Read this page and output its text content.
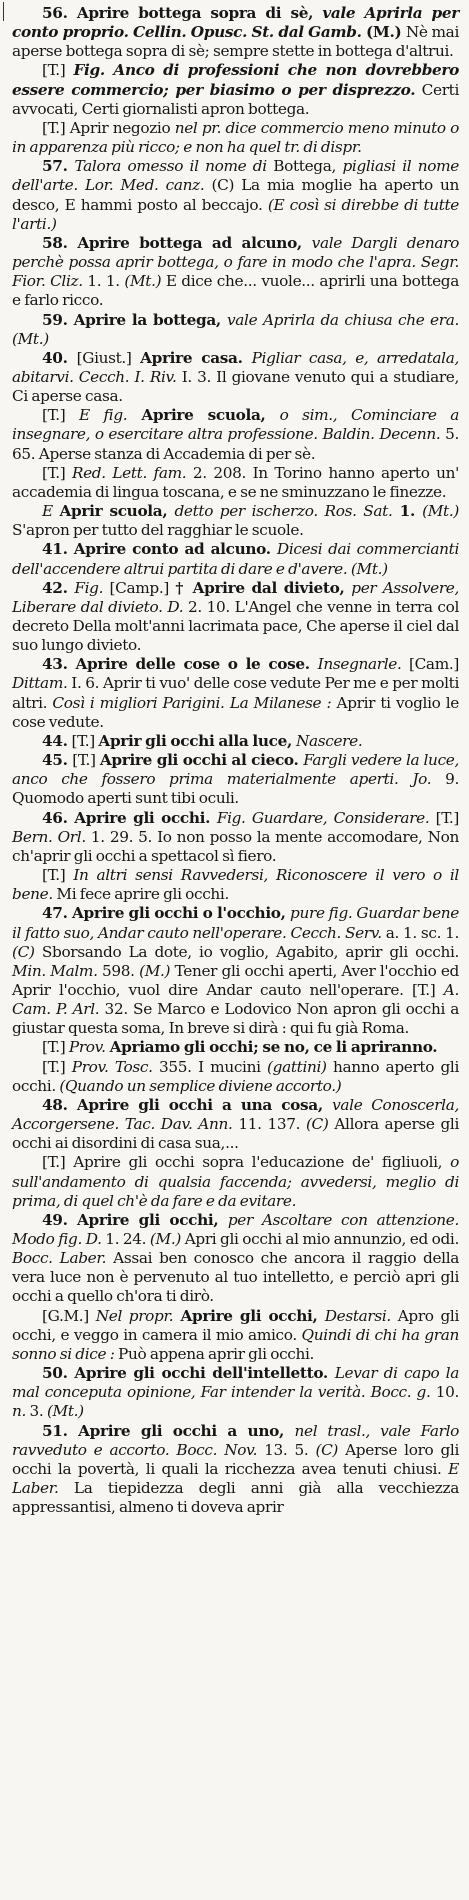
56. Aprire bottega sopra di sè, vale Aprirla per conto proprio. Cellin. Opusc. St. dal Gamb. (M.) Nè mai aperse bottega sopra di sè; sempre stette in bottega d'altrui.

[T.] Fig. Anco di professioni che non dovrebbero essere commercio; per biasimo o per disprezzo. Certi avvocati, Certi giornalisti apron bottega.

[T.] Aprir negozio nel pr. dice commercio meno minuto o in apparenza più ricco; e non ha quel tr. di dispr.

57. Talora omesso il nome di Bottega, pigliasi il nome dell'arte. Lor. Med. canz. (C) La mia moglie ha aperto un desco, E hammi posto al beccajo. (E così si direbbe di tutte l'arti.)

58. Aprire bottega ad alcuno, vale Dargli denaro perchè possa aprir bottega, o fare in modo che l'apra. Segr. Fior. Cliz. 1. 1. (Mt.) E dice che... vuole... aprirli una bottega e farlo ricco.

59. Aprire la bottega, vale Aprirla da chiusa che era. (Mt.)

40. [Giust.] Aprire casa. Pigliar casa, e, arredatala, abitarvi. Cecch. I. Riv. I. 3. Il giovane venuto qui a studiare, Ci aperse casa.

[T.] E fig. Aprire scuola, o sim., Cominciare a insegnare, o esercitare altra professione. Baldin. Decenn. 5. 65. Aperse stanza di Accademia di per sè.

[T.] Red. Lett. fam. 2. 208. In Torino hanno aperto un' accademia di lingua toscana, e se ne sminuzzano le finezze.

E Aprir scuola, detto per ischerzo. Ros. Sat. 1. (Mt.) S'apron per tutto del ragghiar le scuole.

41. Aprire conto ad alcuno. Dicesi dai commercianti dell'accendere altrui partita di dare e d'avere. (Mt.)

42. Fig. [Camp.] † Aprire dal divieto, per Assolvere, Liberare dal divieto. D. 2. 10. L'Angel che venne in terra col decreto Della molt'anni lacrimata pace, Che aperse il ciel dal suo lungo divieto.

43. Aprire delle cose o le cose. Insegnarle. [Cam.] Dittam. I. 6. Aprir ti vuo' delle cose vedute Per me e per molti altri. Così i migliori Parigini. La Milanese : Aprir ti voglio le cose vedute.

44. [T.] Aprir gli occhi alla luce, Nascere.

45. [T.] Aprire gli occhi al cieco. Fargli vedere la luce, anco che fossero prima materialmente aperti. Jo. 9. Quomodo aperti sunt tibi oculi.

46. Aprire gli occhi. Fig. Guardare, Considerare. [T.] Bern. Orl. 1. 29. 5. Io non posso la mente accomodare, Non ch'aprir gli occhi a spettacol sì fiero.

[T.] In altri sensi Ravvedersi, Riconoscere il vero o il bene. Mi fece aprire gli occhi.

47. Aprire gli occhi o l'occhio, pure fig. Guardar bene il fatto suo, Andar cauto nell'operare. Cecch. Serv. a. 1. sc. 1. (C) Sborsando La dote, io voglio, Agabito, aprir gli occhi. Min. Malm. 598. (M.) Tener gli occhi aperti, Aver l'occhio ed Aprir l'occhio, vuol dire Andar cauto nell'operare. [T.] A. Cam. P. Arl. 32. Se Marco e Lodovico Non apron gli occhi a giustar questa soma, In breve si dirà : qui fu già Roma.

[T.] Prov. Apriamo gli occhi; se no, ce li apriranno.

[T.] Prov. Tosc. 355. I mucini (gattini) hanno aperto gli occhi. (Quando un semplice diviene accorto.)

48. Aprire gli occhi a una cosa, vale Conoscerla, Accorgersene. Tac. Dav. Ann. 11. 137. (C) Allora aperse gli occhi ai disordini di casa sua,...

[T.] Aprire gli occhi sopra l'educazione de' figliuoli, o sull'andamento di qualsia faccenda; avvedersi, meglio di prima, di quel ch'è da fare e da evitare.

49. Aprire gli occhi, per Ascoltare con attenzione. Modo fig. D. 1. 24. (M.) Apri gli occhi al mio annunzio, ed odi. Bocc. Laber. Assai ben conosco che ancora il raggio della vera luce non è pervenuto al tuo intelletto, e perciò apri gli occhi a quello ch'ora ti dirò.

[G.M.] Nel propr. Aprire gli occhi, Destarsi. Apro gli occhi, e veggo in camera il mio amico. Quindi di chi ha gran sonno si dice : Può appena aprir gli occhi.

50. Aprire gli occhi dell'intelletto. Levar di capo la mal conceputa opinione, Far intender la verità. Bocc. g. 10. n. 3. (Mt.)

51. Aprire gli occhi a uno, nel trasl., vale Farlo ravveduto e accorto. Bocc. Nov. 13. 5. (C) Aperse loro gli occhi la povertà, li quali la ricchezza avea tenuti chiusi. E Laber. La tiepidezza degli anni già alla vecchiezza appressantisi, almeno ti doveva aprir
